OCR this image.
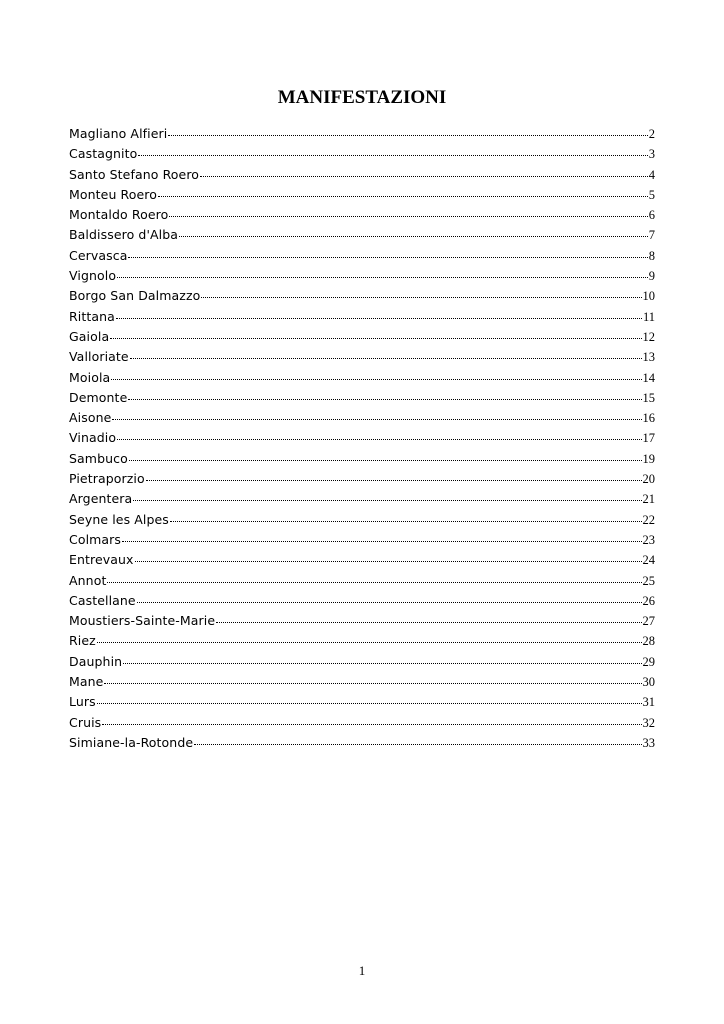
MANIFESTAZIONI
Magliano Alfieri	2
Castagnito	3
Santo Stefano Roero	4
Monteu Roero	5
Montaldo Roero	6
Baldissero d'Alba	7
Cervasca	8
Vignolo	9
Borgo San Dalmazzo	10
Rittana	11
Gaiola	12
Valloriate	13
Moiola	14
Demonte	15
Aisone	16
Vinadio	17
Sambuco	19
Pietraporzio	20
Argentera	21
Seyne les Alpes	22
Colmars	23
Entrevaux	24
Annot	25
Castellane	26
Moustiers-Sainte-Marie	27
Riez	28
Dauphin	29
Mane	30
Lurs	31
Cruis	32
Simiane-la-Rotonde	33
1
